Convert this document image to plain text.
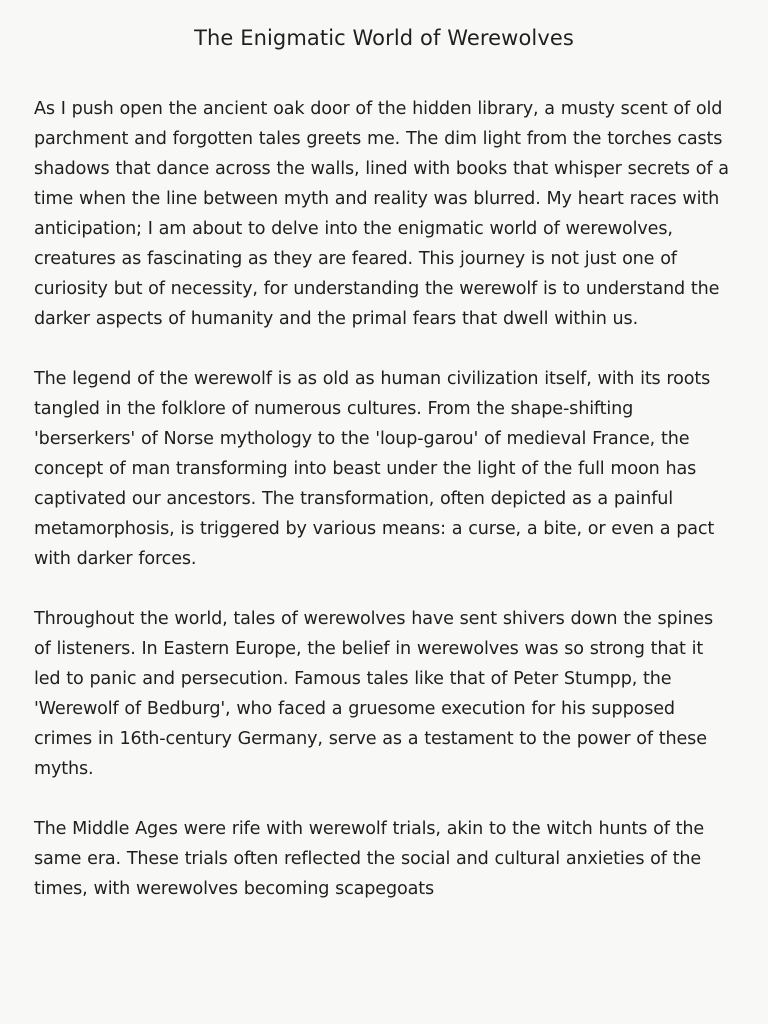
The Enigmatic World of Werewolves

As I push open the ancient oak door of the hidden library, a musty scent of old parchment and forgotten tales greets me. The dim light from the torches casts shadows that dance across the walls, lined with books that whisper secrets of a time when the line between myth and reality was blurred. My heart races with anticipation; I am about to delve into the enigmatic world of werewolves, creatures as fascinating as they are feared. This journey is not just one of curiosity but of necessity, for understanding the werewolf is to understand the darker aspects of humanity and the primal fears that dwell within us.

The legend of the werewolf is as old as human civilization itself, with its roots tangled in the folklore of numerous cultures. From the shape-shifting 'berserkers' of Norse mythology to the 'loup-garou' of medieval France, the concept of man transforming into beast under the light of the full moon has captivated our ancestors. The transformation, often depicted as a painful metamorphosis, is triggered by various means: a curse, a bite, or even a pact with darker forces.

Throughout the world, tales of werewolves have sent shivers down the spines of listeners. In Eastern Europe, the belief in werewolves was so strong that it led to panic and persecution. Famous tales like that of Peter Stumpp, the 'Werewolf of Bedburg', who faced a gruesome execution for his supposed crimes in 16th-century Germany, serve as a testament to the power of these myths.

The Middle Ages were rife with werewolf trials, akin to the witch hunts of the same era. These trials often reflected the social and cultural anxieties of the times, with werewolves becoming scapegoats
